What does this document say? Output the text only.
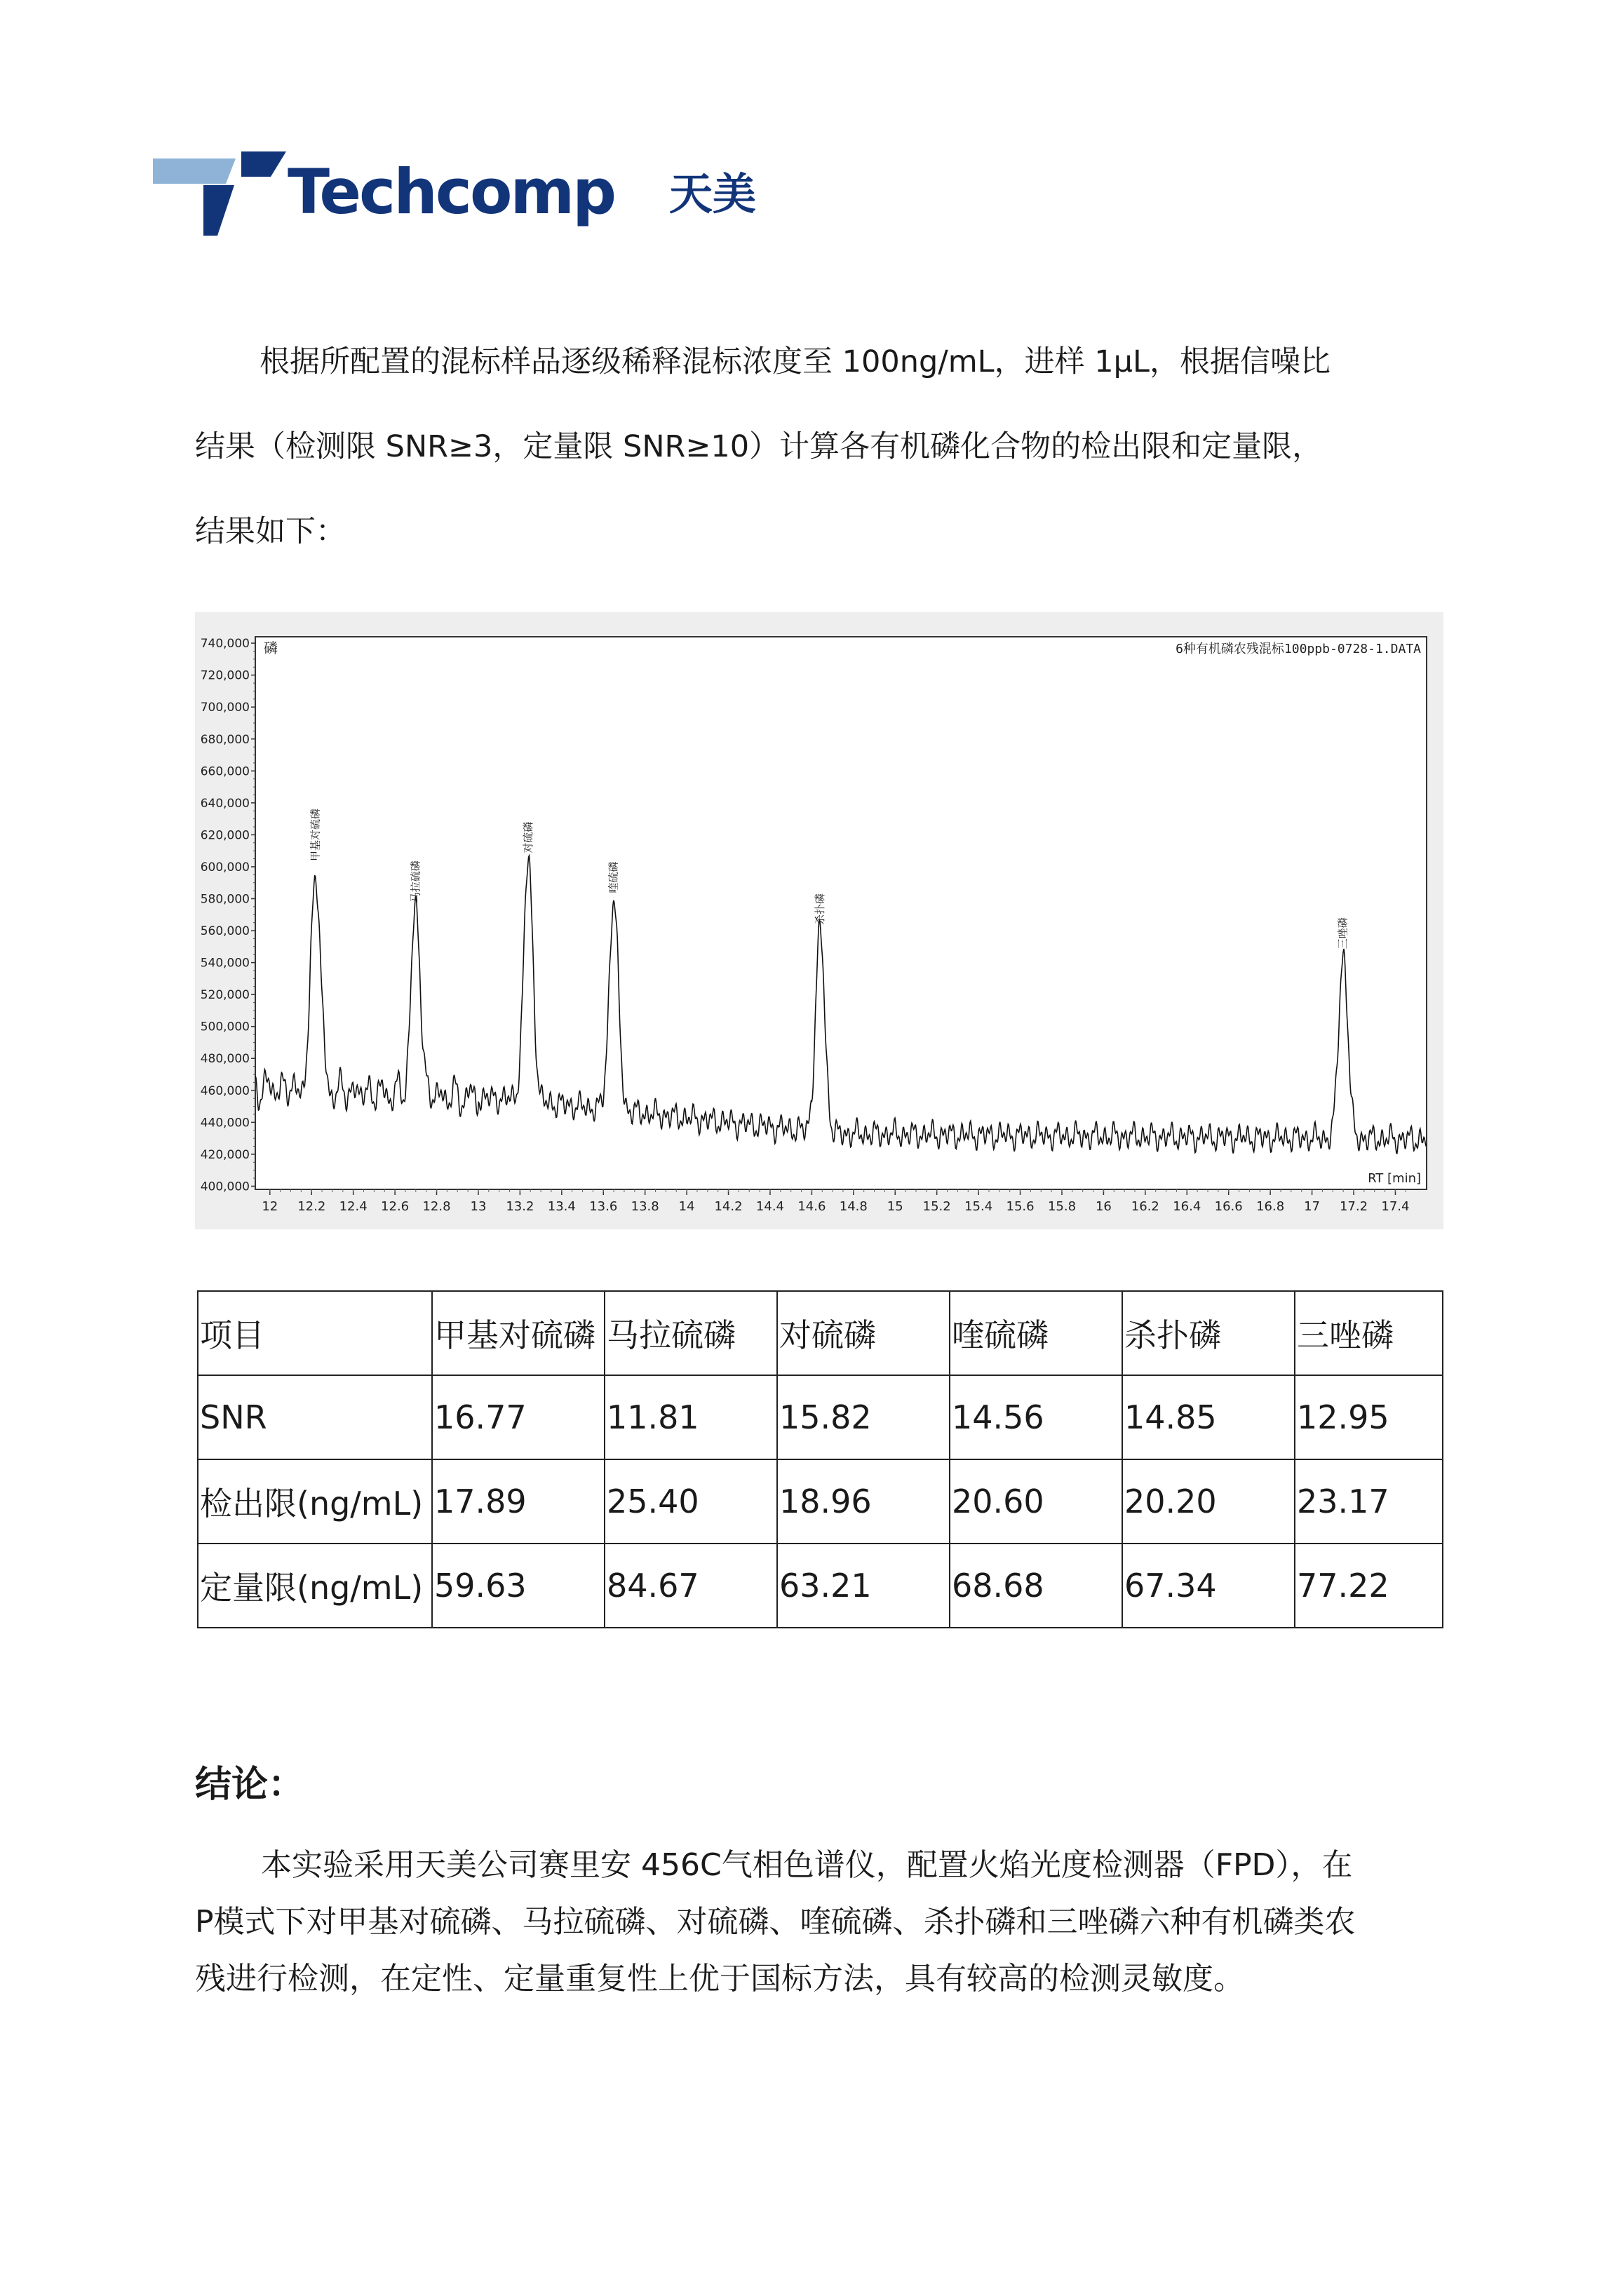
Techcomp 天美
根据所配置的混标样品逐级稀释混标浓度至 100ng/mL，进样 1μL，根据信噪比
结果（检测限 SNR≥3，定量限 SNR≥10）计算各有机磷化合物的检出限和定量限，
结果如下：
740,000
720,000
700,000
680,000
660,000
640,000
620,000
600,000
580,000
560,000
540,000
520,000
500,000
480,000
460,000
440,000
420,000
400,000
12 12.2 12.4 12.6 12.8 13 13.2 13.4 13.6 13.8 14 14.2 14.4 14.6 14.8 15 15.2 15.4 15.6 15.8 16 16.2 16.4 16.6 16.8 17 17.2 17.4
甲基对硫磷
马拉硫磷
对硫磷
喹硫磷
杀扑磷
三唑磷
磷	6种有机磷农残混标100ppb-0728-1.DATA
RT [min]
项目	甲基对硫磷	马拉硫磷	对硫磷	喹硫磷	杀扑磷	三唑磷
SNR	16.77	11.81	15.82	14.56	14.85	12.95
检出限(ng/mL)	17.89	25.40	18.96	20.60	20.20	23.17
定量限(ng/mL)	59.63	84.67	63.21	68.68	67.34	77.22
结论：
本实验采用天美公司赛里安 456C气相色谱仪，配置火焰光度检测器（FPD），在
P模式下对甲基对硫磷、马拉硫磷、对硫磷、喹硫磷、杀扑磷和三唑磷六种有机磷类农
残进行检测，在定性、定量重复性上优于国标方法，具有较高的检测灵敏度。
